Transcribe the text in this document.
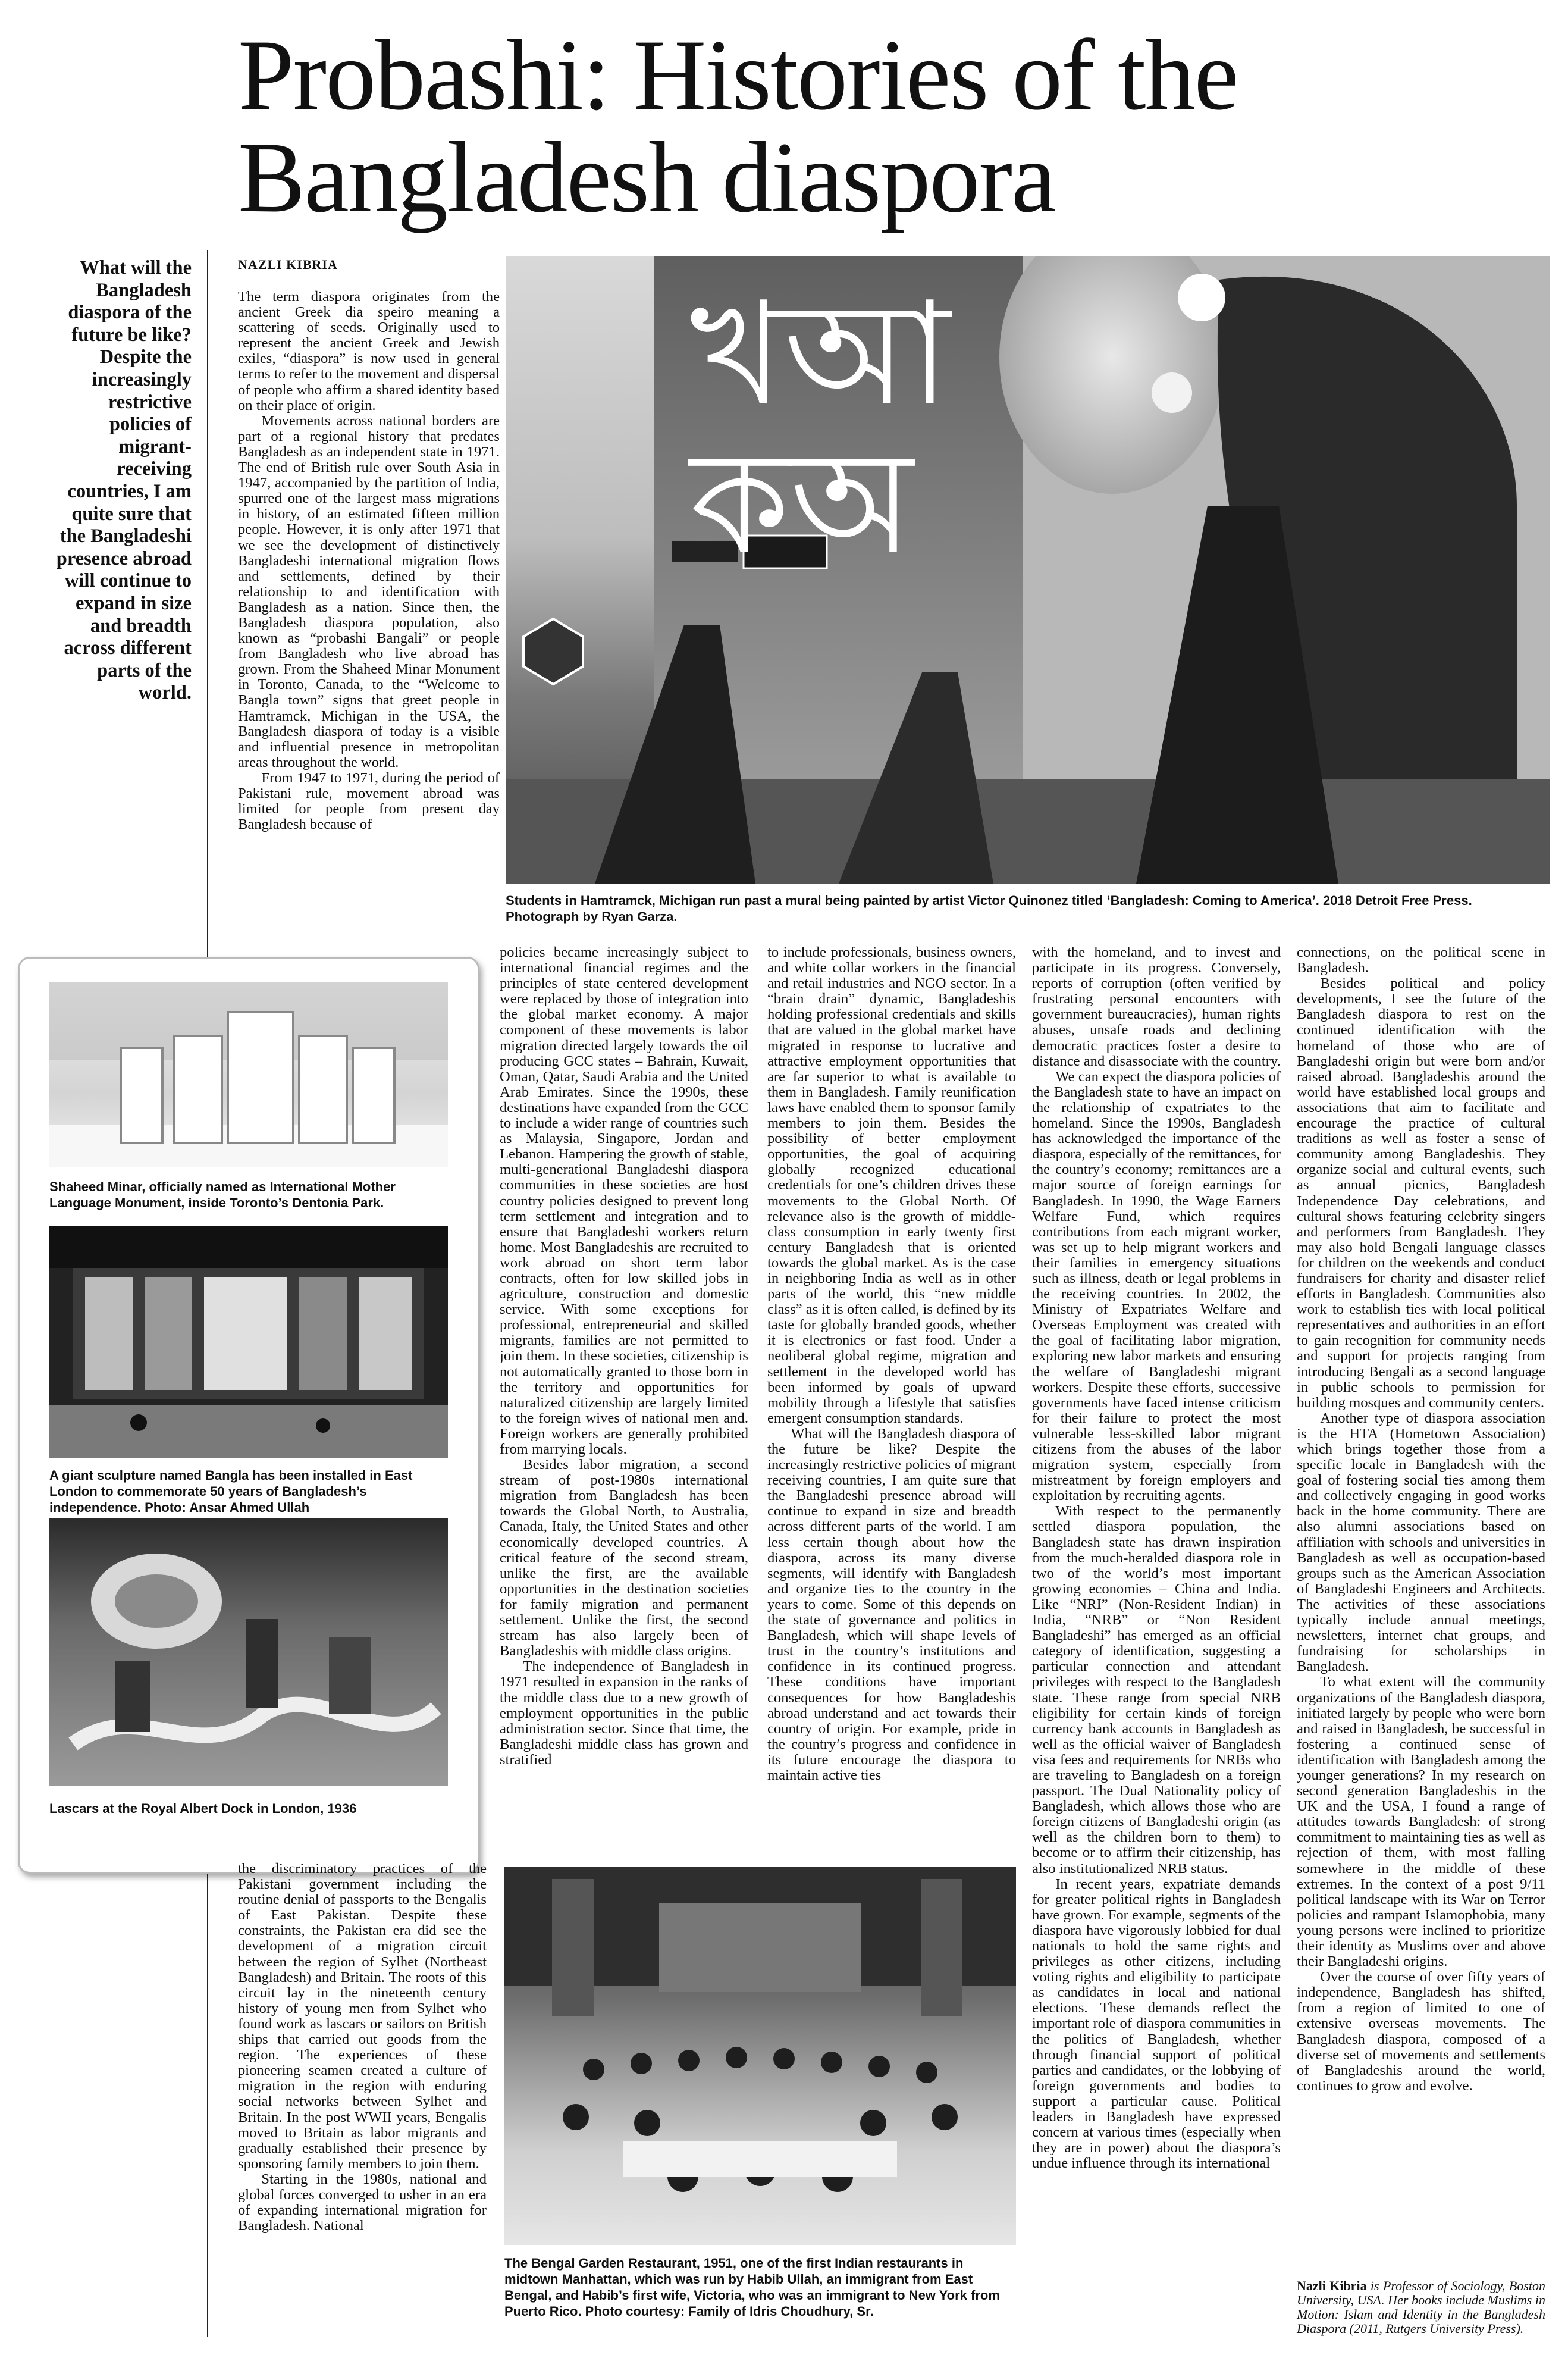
Probashi: Histories of the Bangladesh diaspora
What will the Bangladesh diaspora of the future be like? Despite the increasingly restrictive policies of migrant-receiving countries, I am quite sure that the Bangladeshi presence abroad will continue to expand in size and breadth across different parts of the world.
NAZLI KIBRIA

The term diaspora originates from the ancient Greek dia speiro meaning a scattering of seeds. Originally used to represent the ancient Greek and Jewish exiles, “diaspora” is now used in general terms to refer to the movement and dispersal of people who affirm a shared identity based on their place of origin.

Movements across national borders are part of a regional history that predates Bangladesh as an independent state in 1971. The end of British rule over South Asia in 1947, accompanied by the partition of India, spurred one of the largest mass migrations in history, of an estimated fifteen million people. However, it is only after 1971 that we see the development of distinctively Bangladeshi international migration flows and settlements, defined by their relationship to and identification with Bangladesh as a nation. Since then, the Bangladesh diaspora population, also known as “probashi Bangali” or people from Bangladesh who live abroad has grown. From the Shaheed Minar Monument in Toronto, Canada, to the “Welcome to Bangla town” signs that greet people in Hamtramck, Michigan in the USA, the Bangladesh diaspora of today is a visible and influential presence in metropolitan areas throughout the world.

From 1947 to 1971, during the period of Pakistani rule, movement abroad was limited for people from present day Bangladesh because of

খআকঅ
Students in Hamtramck, Michigan run past a mural being painted by artist Victor Quinonez titled ‘Bangladesh: Coming to America’. 2018 Detroit Free Press. Photograph by Ryan Garza.
Shaheed Minar, officially named as International Mother Language Monument, inside Toronto’s Dentonia Park.
A giant sculpture named Bangla has been installed in East London to commemorate 50 years of Bangladesh’s independence. Photo: Ansar Ahmed Ullah
Lascars at the Royal Albert Dock in London, 1936

the discriminatory practices of the Pakistani government including the routine denial of passports to the Bengalis of East Pakistan. Despite these constraints, the Pakistan era did see the development of a migration circuit between the region of Sylhet (Northeast Bangladesh) and Britain. The roots of this circuit lay in the nineteenth century history of young men from Sylhet who found work as lascars or sailors on British ships that carried out goods from the region. The experiences of these pioneering seamen created a culture of migration in the region with enduring social networks between Sylhet and Britain. In the post WWII years, Bengalis moved to Britain as labor migrants and gradually established their presence by sponsoring family members to join them.

Starting in the 1980s, national and global forces converged to usher in an era of expanding international migration for Bangladesh. National

policies became increasingly subject to international financial regimes and the principles of state centered development were replaced by those of integration into the global market economy. A major component of these movements is labor migration directed largely towards the oil producing GCC states – Bahrain, Kuwait, Oman, Qatar, Saudi Arabia and the United Arab Emirates. Since the 1990s, these destinations have expanded from the GCC to include a wider range of countries such as Malaysia, Singapore, Jordan and Lebanon. Hampering the growth of stable, multi-generational Bangladeshi diaspora communities in these societies are host country policies designed to prevent long term settlement and integration and to ensure that Bangladeshi workers return home. Most Bangladeshis are recruited to work abroad on short term labor contracts, often for low skilled jobs in agriculture, construction and domestic service. With some exceptions for professional, entrepreneurial and skilled migrants, families are not permitted to join them. In these societies, citizenship is not automatically granted to those born in the territory and opportunities for naturalized citizenship are largely limited to the foreign wives of national men and. Foreign workers are generally prohibited from marrying locals.

Besides labor migration, a second stream of post-1980s international migration from Bangladesh has been towards the Global North, to Australia, Canada, Italy, the United States and other economically developed countries. A critical feature of the second stream, unlike the first, are the available opportunities in the destination societies for family migration and permanent settlement. Unlike the first, the second stream has also largely been of Bangladeshis with middle class origins.

The independence of Bangladesh in 1971 resulted in expansion in the ranks of the middle class due to a new growth of employment opportunities in the public administration sector. Since that time, the Bangladeshi middle class has grown and stratified

to include professionals, business owners, and white collar workers in the financial and retail industries and NGO sector. In a “brain drain” dynamic, Bangladeshis holding professional credentials and skills that are valued in the global market have migrated in response to lucrative and attractive employment opportunities that are far superior to what is available to them in Bangladesh. Family reunification laws have enabled them to sponsor family members to join them. Besides the possibility of better employment opportunities, the goal of acquiring globally recognized educational credentials for one’s children drives these movements to the Global North. Of relevance also is the growth of middle-class consumption in early twenty first century Bangladesh that is oriented towards the global market. As is the case in neighboring India as well as in other parts of the world, this “new middle class” as it is often called, is defined by its taste for globally branded goods, whether it is electronics or fast food. Under a neoliberal global regime, migration and settlement in the developed world has been informed by goals of upward mobility through a lifestyle that satisfies emergent consumption standards.

What will the Bangladesh diaspora of the future be like? Despite the increasingly restrictive policies of migrant receiving countries, I am quite sure that the Bangladeshi presence abroad will continue to expand in size and breadth across different parts of the world. I am less certain though about how the diaspora, across its many diverse segments, will identify with Bangladesh and organize ties to the country in the years to come. Some of this depends on the state of governance and politics in Bangladesh, which will shape levels of trust in the country’s institutions and confidence in its continued progress. These conditions have important consequences for how Bangladeshis abroad understand and act towards their country of origin. For example, pride in the country’s progress and confidence in its future encourage the diaspora to maintain active ties

The Bengal Garden Restaurant, 1951, one of the first Indian restaurants in midtown Manhattan, which was run by Habib Ullah, an immigrant from East Bengal, and Habib’s first wife, Victoria, who was an immigrant to New York from Puerto Rico. Photo courtesy: Family of Idris Choudhury, Sr.

with the homeland, and to invest and participate in its progress. Conversely, reports of corruption (often verified by frustrating personal encounters with government bureaucracies), human rights abuses, unsafe roads and declining democratic practices foster a desire to distance and disassociate with the country.

We can expect the diaspora policies of the Bangladesh state to have an impact on the relationship of expatriates to the homeland. Since the 1990s, Bangladesh has acknowledged the importance of the diaspora, especially of the remittances, for the country’s economy; remittances are a major source of foreign earnings for Bangladesh. In 1990, the Wage Earners Welfare Fund, which requires contributions from each migrant worker, was set up to help migrant workers and their families in emergency situations such as illness, death or legal problems in the receiving countries. In 2002, the Ministry of Expatriates Welfare and Overseas Employment was created with the goal of facilitating labor migration, exploring new labor markets and ensuring the welfare of Bangladeshi migrant workers. Despite these efforts, successive governments have faced intense criticism for their failure to protect the most vulnerable less-skilled labor migrant citizens from the abuses of the labor migration system, especially from mistreatment by foreign employers and exploitation by recruiting agents.

With respect to the permanently settled diaspora population, the Bangladesh state has drawn inspiration from the much-heralded diaspora role in two of the world’s most important growing economies – China and India. Like “NRI” (Non-Resident Indian) in India, “NRB” or “Non Resident Bangladeshi” has emerged as an official category of identification, suggesting a particular connection and attendant privileges with respect to the Bangladesh state. These range from special NRB eligibility for certain kinds of foreign currency bank accounts in Bangladesh as well as the official waiver of Bangladesh visa fees and requirements for NRBs who are traveling to Bangladesh on a foreign passport. The Dual Nationality policy of Bangladesh, which allows those who are foreign citizens of Bangladeshi origin (as well as the children born to them) to become or to affirm their citizenship, has also institutionalized NRB status.

In recent years, expatriate demands for greater political rights in Bangladesh have grown. For example, segments of the diaspora have vigorously lobbied for dual nationals to hold the same rights and privileges as other citizens, including voting rights and eligibility to participate as candidates in local and national elections. These demands reflect the important role of diaspora communities in the politics of Bangladesh, whether through financial support of political parties and candidates, or the lobbying of foreign governments and bodies to support a particular cause. Political leaders in Bangladesh have expressed concern at various times (especially when they are in power) about the diaspora’s undue influence through its international

connections, on the political scene in Bangladesh.

Besides political and policy developments, I see the future of the Bangladesh diaspora to rest on the continued identification with the homeland of those who are of Bangladeshi origin but were born and/or raised abroad. Bangladeshis around the world have established local groups and associations that aim to facilitate and encourage the practice of cultural traditions as well as foster a sense of community among Bangladeshis. They organize social and cultural events, such as annual picnics, Bangladesh Independence Day celebrations, and cultural shows featuring celebrity singers and performers from Bangladesh. They may also hold Bengali language classes for children on the weekends and conduct fundraisers for charity and disaster relief efforts in Bangladesh. Communities also work to establish ties with local political representatives and authorities in an effort to gain recognition for community needs and support for projects ranging from introducing Bengali as a second language in public schools to permission for building mosques and community centers.

Another type of diaspora association is the HTA (Hometown Association) which brings together those from a specific locale in Bangladesh with the goal of fostering social ties among them and collectively engaging in good works back in the home community. There are also alumni associations based on affiliation with schools and universities in Bangladesh as well as occupation-based groups such as the American Association of Bangladeshi Engineers and Architects. The activities of these associations typically include annual meetings, newsletters, internet chat groups, and fundraising for scholarships in Bangladesh.

To what extent will the community organizations of the Bangladesh diaspora, initiated largely by people who were born and raised in Bangladesh, be successful in fostering a continued sense of identification with Bangladesh among the younger generations? In my research on second generation Bangladeshis in the UK and the USA, I found a range of attitudes towards Bangladesh: of strong commitment to maintaining ties as well as rejection of them, with most falling somewhere in the middle of these extremes. In the context of a post 9/11 political landscape with its War on Terror policies and rampant Islamophobia, many young persons were inclined to prioritize their identity as Muslims over and above their Bangladeshi origins.

Over the course of over fifty years of independence, Bangladesh has shifted, from a region of limited to one of extensive overseas movements. The Bangladesh diaspora, composed of a diverse set of movements and settlements of Bangladeshis around the world, continues to grow and evolve.

Nazli Kibria is Professor of Sociology, Boston University, USA. Her books include Muslims in Motion: Islam and Identity in the Bangladesh Diaspora (2011, Rutgers University Press).
